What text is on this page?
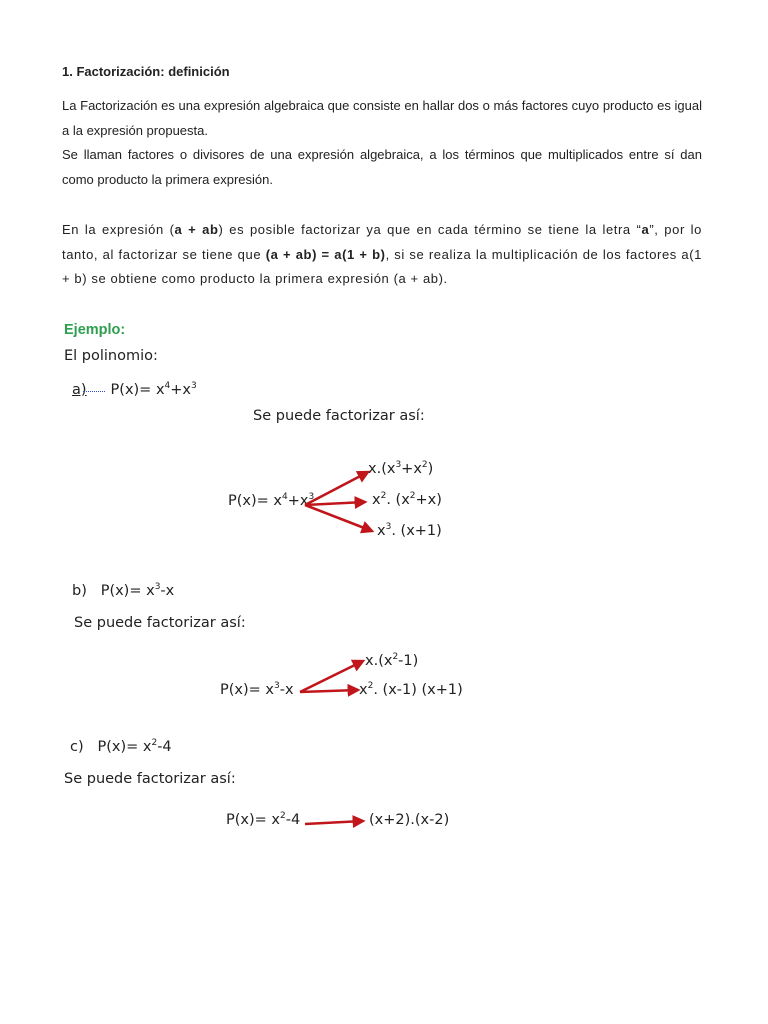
1. Factorización: definición
La Factorización es una expresión algebraica que consiste en hallar dos o más factores cuyo producto es igual a la expresión propuesta.
Se llaman factores o divisores de una expresión algebraica, a los términos que multiplicados entre sí dan como producto la primera expresión.
En la expresión (a + ab) es posible factorizar ya que en cada término se tiene la letra “a”, por lo tanto, al factorizar se tiene que (a + ab) = a(1 + b), si se realiza la multiplicación de los factores a(1 + b) se obtiene como producto la primera expresión (a + ab).
Ejemplo:
El polinomio:
a) $P(x)= x^4+x^3$
Se puede factorizar así:
$P(x)= x^4+x^3$
$x.(x^3+x^2)$
$x^2$. $(x^2+x)$
$x^3$. (x+1)
b) $P(x)= x^3-x$
Se puede factorizar así:
$P(x)= x^3-x$
$x.(x^2-1)$
$x^2$. (x-1) (x+1)
c) $P(x)= x^2-4$
Se puede factorizar así:
$P(x)= x^2-4$	(x+2).(x-2)
